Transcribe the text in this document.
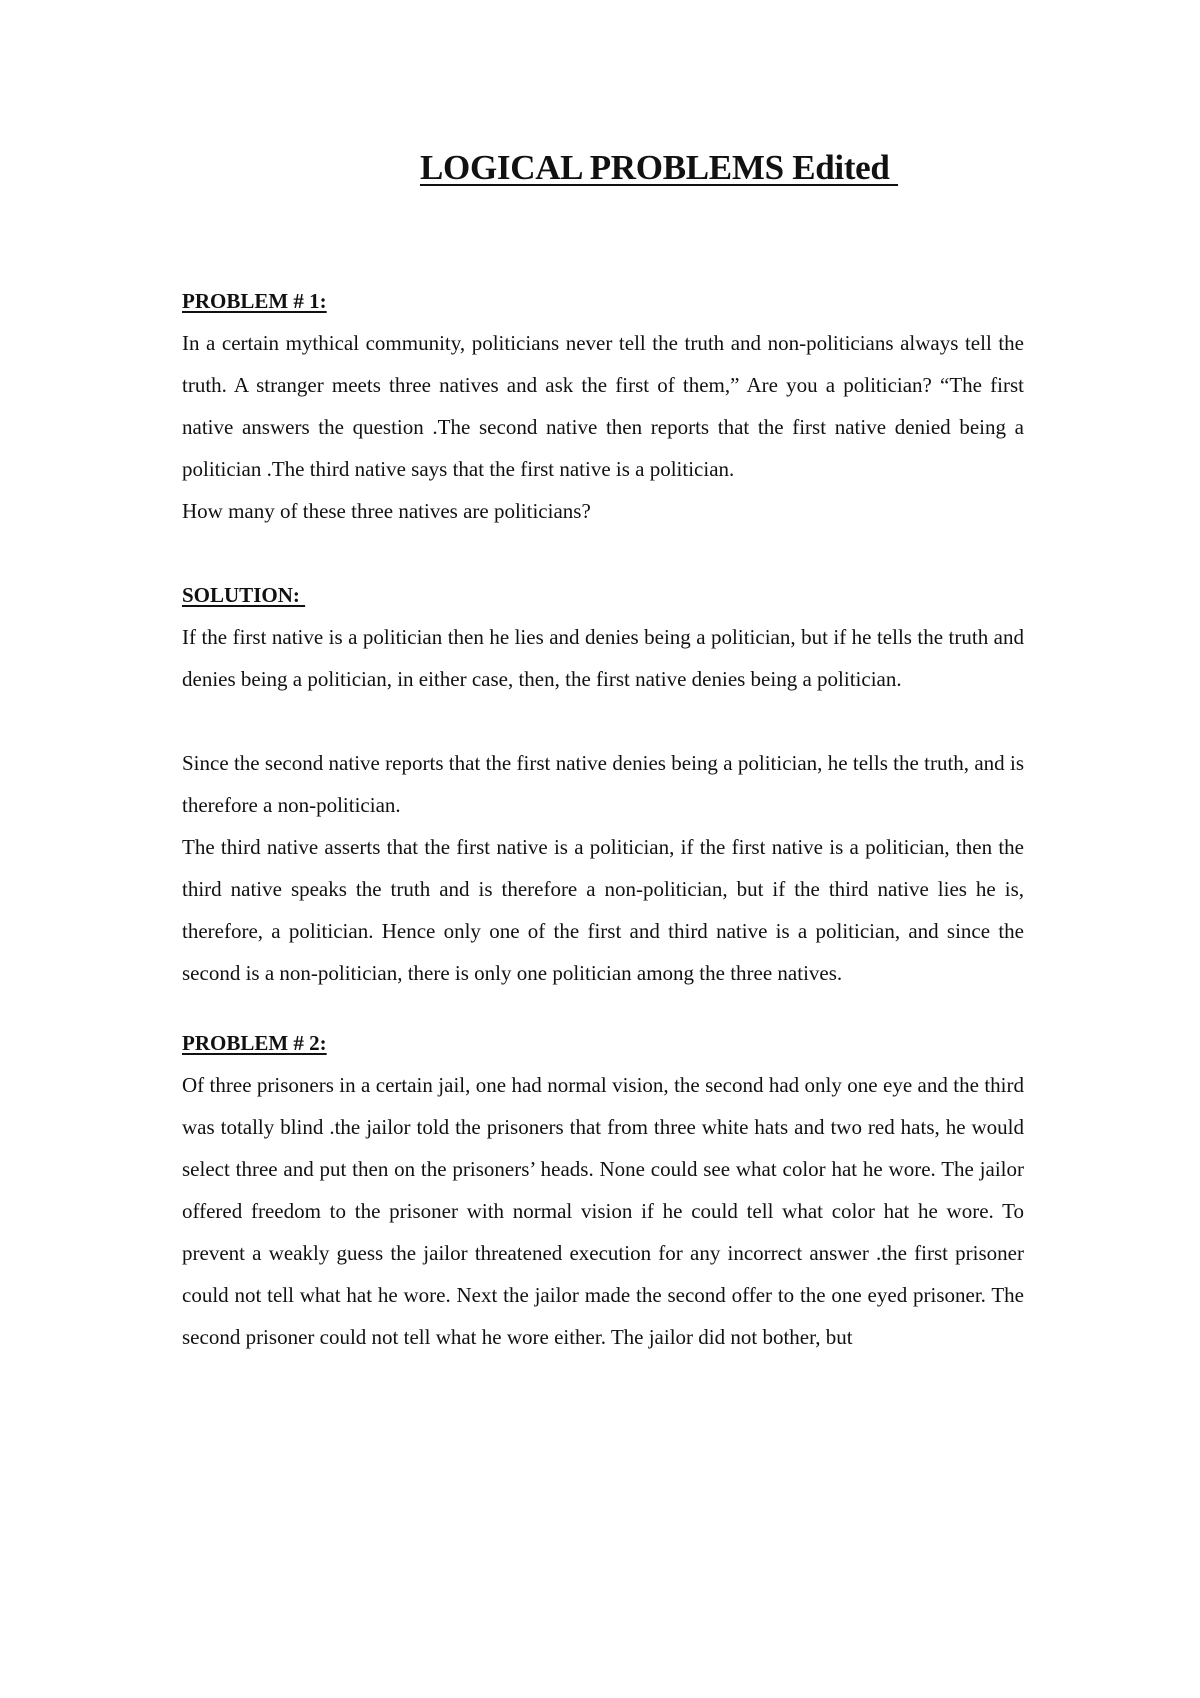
LOGICAL PROBLEMS Edited

PROBLEM # 1:

In a certain mythical community, politicians never tell the truth and non-politicians always tell the truth. A stranger meets three natives and ask the first of them,” Are you a politician? “The first native answers the question .The second native then reports that the first native denied being a politician .The third native says that the first native is a politician.

How many of these three natives are politicians?

SOLUTION:

If the first native is a politician then he lies and denies being a politician, but if he tells the truth and denies being a politician, in either case, then, the first native denies being a politician.

Since the second native reports that the first native denies being a politician, he tells the truth, and is therefore a non-politician.

The third native asserts that the first native is a politician, if the first native is a politician, then the third native speaks the truth and is therefore a non-politician, but if the third native lies he is, therefore, a politician. Hence only one of the first and third native is a politician, and since the second is a non-politician, there is only one politician among the three natives.

PROBLEM # 2:

Of three prisoners in a certain jail, one had normal vision, the second had only one eye and the third was totally blind .the jailor told the prisoners that from three white hats and two red hats, he would select three and put then on the prisoners’ heads. None could see what color hat he wore. The jailor offered freedom to the prisoner with normal vision if he could tell what color hat he wore. To prevent a weakly guess the jailor threatened execution for any incorrect answer .the first prisoner could not tell what hat he wore. Next the jailor made the second offer to the one eyed prisoner. The second prisoner could not tell what he wore either. The jailor did not bother, but
